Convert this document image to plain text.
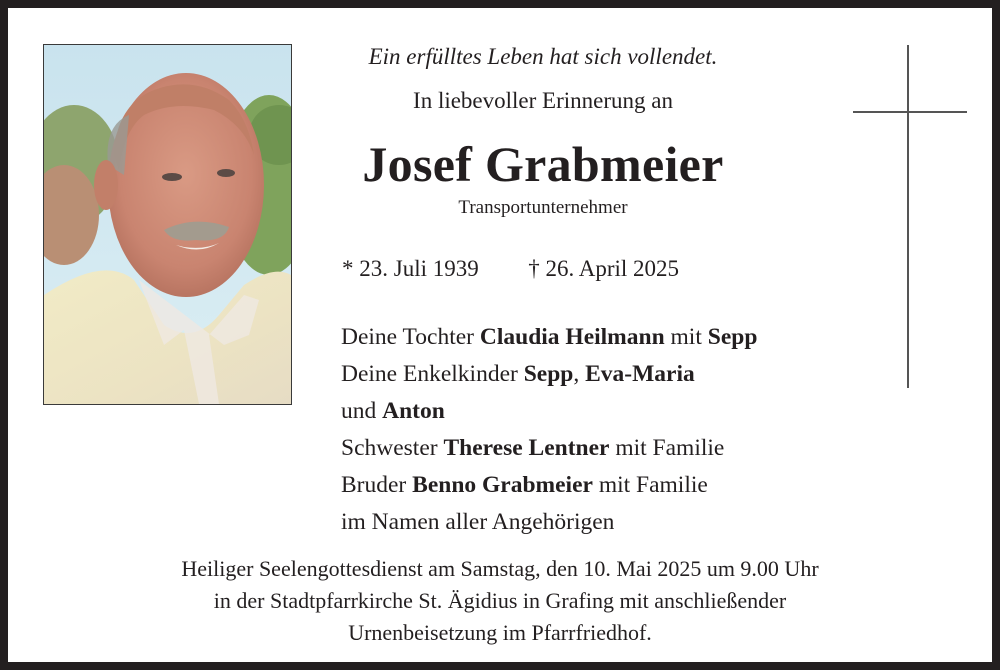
Ein erfülltes Leben hat sich vollendet.
In liebevoller Erinnerung an
Josef Grabmeier
Transportunternehmer
* 23. Juli 1939 † 26. April 2025
Deine Tochter Claudia Heilmann mit Sepp
Deine Enkelkinder Sepp, Eva-Maria
und Anton
Schwester Therese Lentner mit Familie
Bruder Benno Grabmeier mit Familie
im Namen aller Angehörigen
Heiliger Seelengottesdienst am Samstag, den 10. Mai 2025 um 9.00 Uhr
in der Stadtpfarrkirche St. Ägidius in Grafing mit anschließender
Urnenbeisetzung im Pfarrfriedhof.
